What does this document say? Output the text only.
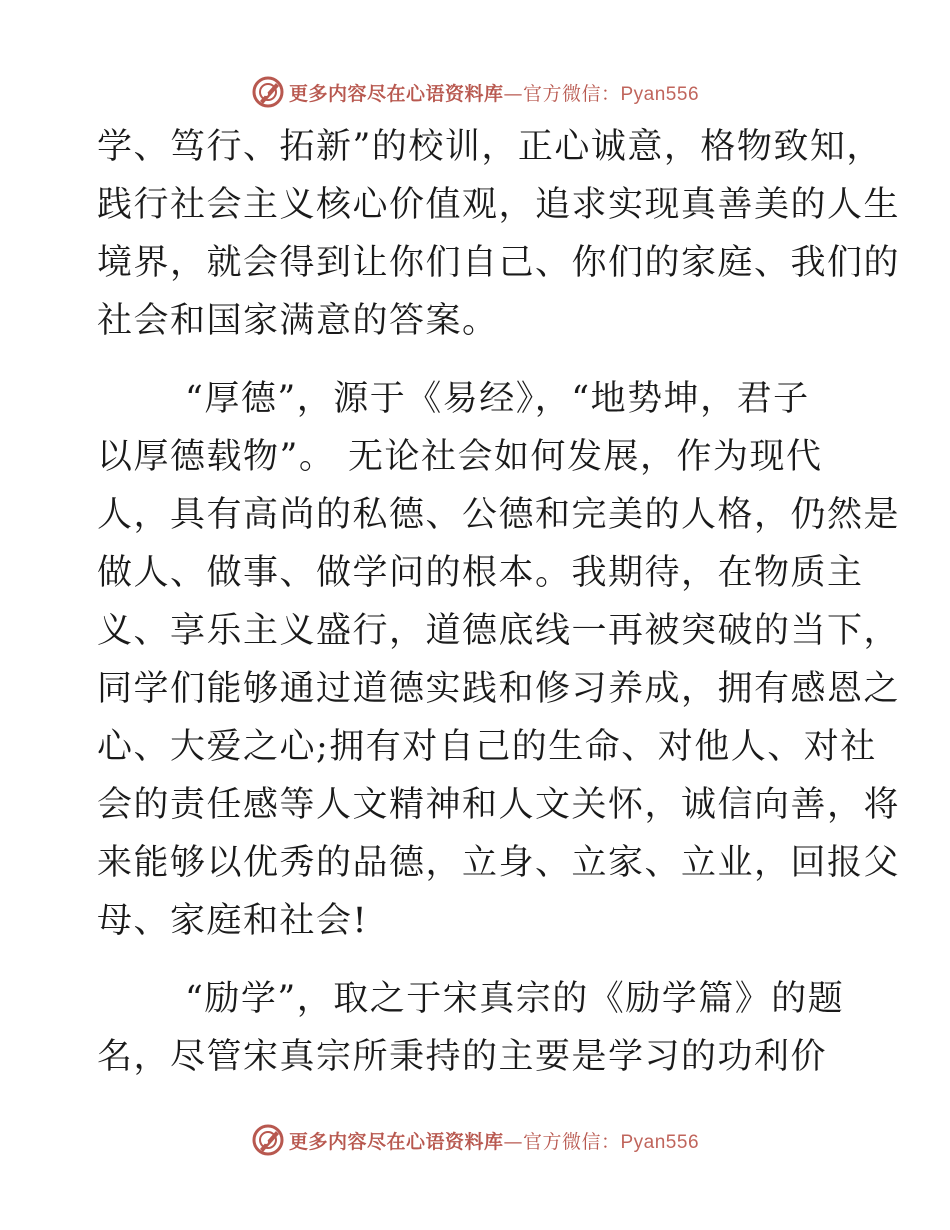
更多内容尽在心语资料库—官方微信：Pyan556
学、笃行、拓新”的校训，正心诚意，格物致知，
践行社会主义核心价值观，追求实现真善美的人生
境界，就会得到让你们自己、你们的家庭、我们的
社会和国家满意的答案。
“厚德”，源于《易经》，“地势坤，君子
以厚德载物”。 无论社会如何发展，作为现代
人，具有高尚的私德、公德和完美的人格，仍然是
做人、做事、做学问的根本。我期待，在物质主
义、享乐主义盛行，道德底线一再被突破的当下，
同学们能够通过道德实践和修习养成，拥有感恩之
心、大爱之心;拥有对自己的生命、对他人、对社
会的责任感等人文精神和人文关怀，诚信向善，将
来能够以优秀的品德，立身、立家、立业，回报父
母、家庭和社会!
“励学”，取之于宋真宗的《励学篇》的题
名，尽管宋真宗所秉持的主要是学习的功利价
更多内容尽在心语资料库—官方微信：Pyan556
